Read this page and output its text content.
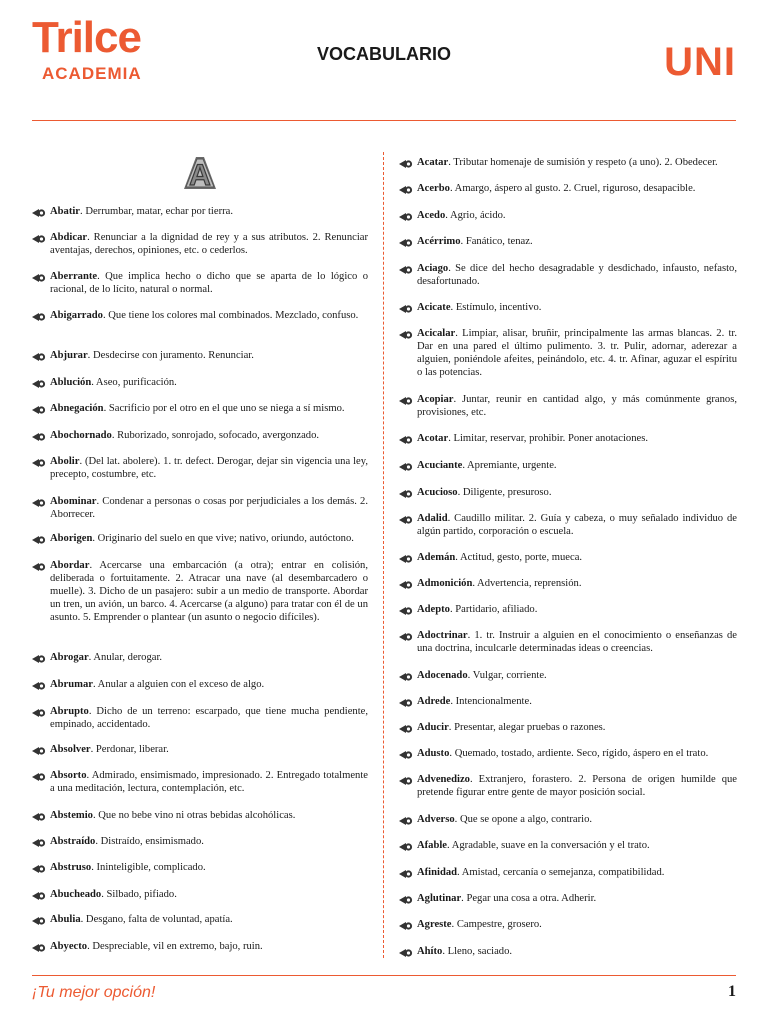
Trilce
ACADEMIA
VOCABULARIO	UNI
A
Abatir. Derrumbar, matar, echar por tierra.
Abdicar. Renunciar a la dignidad de rey y a sus atributos. 2. Renunciar aventajas, derechos, opiniones, etc. o cederlos.
Aberrante. Que implica hecho o dicho que se aparta de lo lógico o racional, de lo lícito, natural o normal.
Abigarrado. Que tiene los colores mal combinados. Mezclado, confuso.
Abjurar. Desdecirse con juramento. Renunciar.
Ablución. Aseo, purificación.
Abnegación. Sacrificio por el otro en el que uno se niega a sí mismo.
Abochornado. Ruborizado, sonrojado, sofocado, avergonzado.
Abolir. (Del lat. abolere). 1. tr. defect. Derogar, dejar sin vigencia una ley, precepto, costumbre, etc.
Abominar. Condenar a personas o cosas por perjudiciales a los demás. 2. Aborrecer.
Aborigen. Originario del suelo en que vive; nativo, oriundo, autóctono.
Abordar. Acercarse una embarcación (a otra); entrar en colisión, deliberada o fortuitamente. 2. Atracar una nave (al desembarcadero o muelle). 3. Dicho de un pasajero: subir a un medio de transporte. Abordar un tren, un avión, un barco. 4. Acercarse (a alguno) para tratar con él de un asunto. 5. Emprender o plantear (un asunto o negocio difíciles).
Abrogar. Anular, derogar.
Abrumar. Anular a alguien con el exceso de algo.
Abrupto. Dicho de un terreno: escarpado, que tiene mucha pendiente, empinado, accidentado.
Absolver. Perdonar, liberar.
Absorto. Admirado, ensimismado, impresionado. 2. Entregado totalmente a una meditación, lectura, contemplación, etc.
Abstemio. Que no bebe vino ni otras bebidas alcohólicas.
Abstraído. Distraído, ensimismado.
Abstruso. Ininteligible, complicado.
Abucheado. Silbado, pifiado.
Abulia. Desgano, falta de voluntad, apatía.
Abyecto. Despreciable, vil en extremo, bajo, ruin.
Acatar. Tributar homenaje de sumisión y respeto (a uno). 2. Obedecer.
Acerbo. Amargo, áspero al gusto. 2. Cruel, riguroso, desapacible.
Acedo. Agrio, ácido.
Acérrimo. Fanático, tenaz.
Aciago. Se dice del hecho desagradable y desdichado, infausto, nefasto, desafortunado.
Acicate. Estímulo, incentivo.
Acicalar. Limpiar, alisar, bruñir, principalmente las armas blancas. 2. tr. Dar en una pared el último pulimento. 3. tr. Pulir, adornar, aderezar a alguien, poniéndole afeites, peinándolo, etc. 4. tr. Afinar, aguzar el espíritu o las potencias.
Acopiar. Juntar, reunir en cantidad algo, y más comúnmente granos, provisiones, etc.
Acotar. Limitar, reservar, prohibir. Poner anotaciones.
Acuciante. Apremiante, urgente.
Acucioso. Diligente, presuroso.
Adalid. Caudillo militar. 2. Guía y cabeza, o muy señalado individuo de algún partido, corporación o escuela.
Ademán. Actitud, gesto, porte, mueca.
Admonición. Advertencia, reprensión.
Adepto. Partidario, afiliado.
Adoctrinar. 1. tr. Instruir a alguien en el conocimiento o enseñanzas de una doctrina, inculcarle determinadas ideas o creencias.
Adocenado. Vulgar, corriente.
Adrede. Intencionalmente.
Aducir. Presentar, alegar pruebas o razones.
Adusto. Quemado, tostado, ardiente. Seco, rígido, áspero en el trato.
Advenedizo. Extranjero, forastero. 2. Persona de origen humilde que pretende figurar entre gente de mayor posición social.
Adverso. Que se opone a algo, contrario.
Afable. Agradable, suave en la conversación y el trato.
Afinidad. Amistad, cercanía o semejanza, compatibilidad.
Aglutinar. Pegar una cosa a otra. Adherir.
Agreste. Campestre, grosero.
Ahíto. Lleno, saciado.
¡Tu mejor opción!	1
